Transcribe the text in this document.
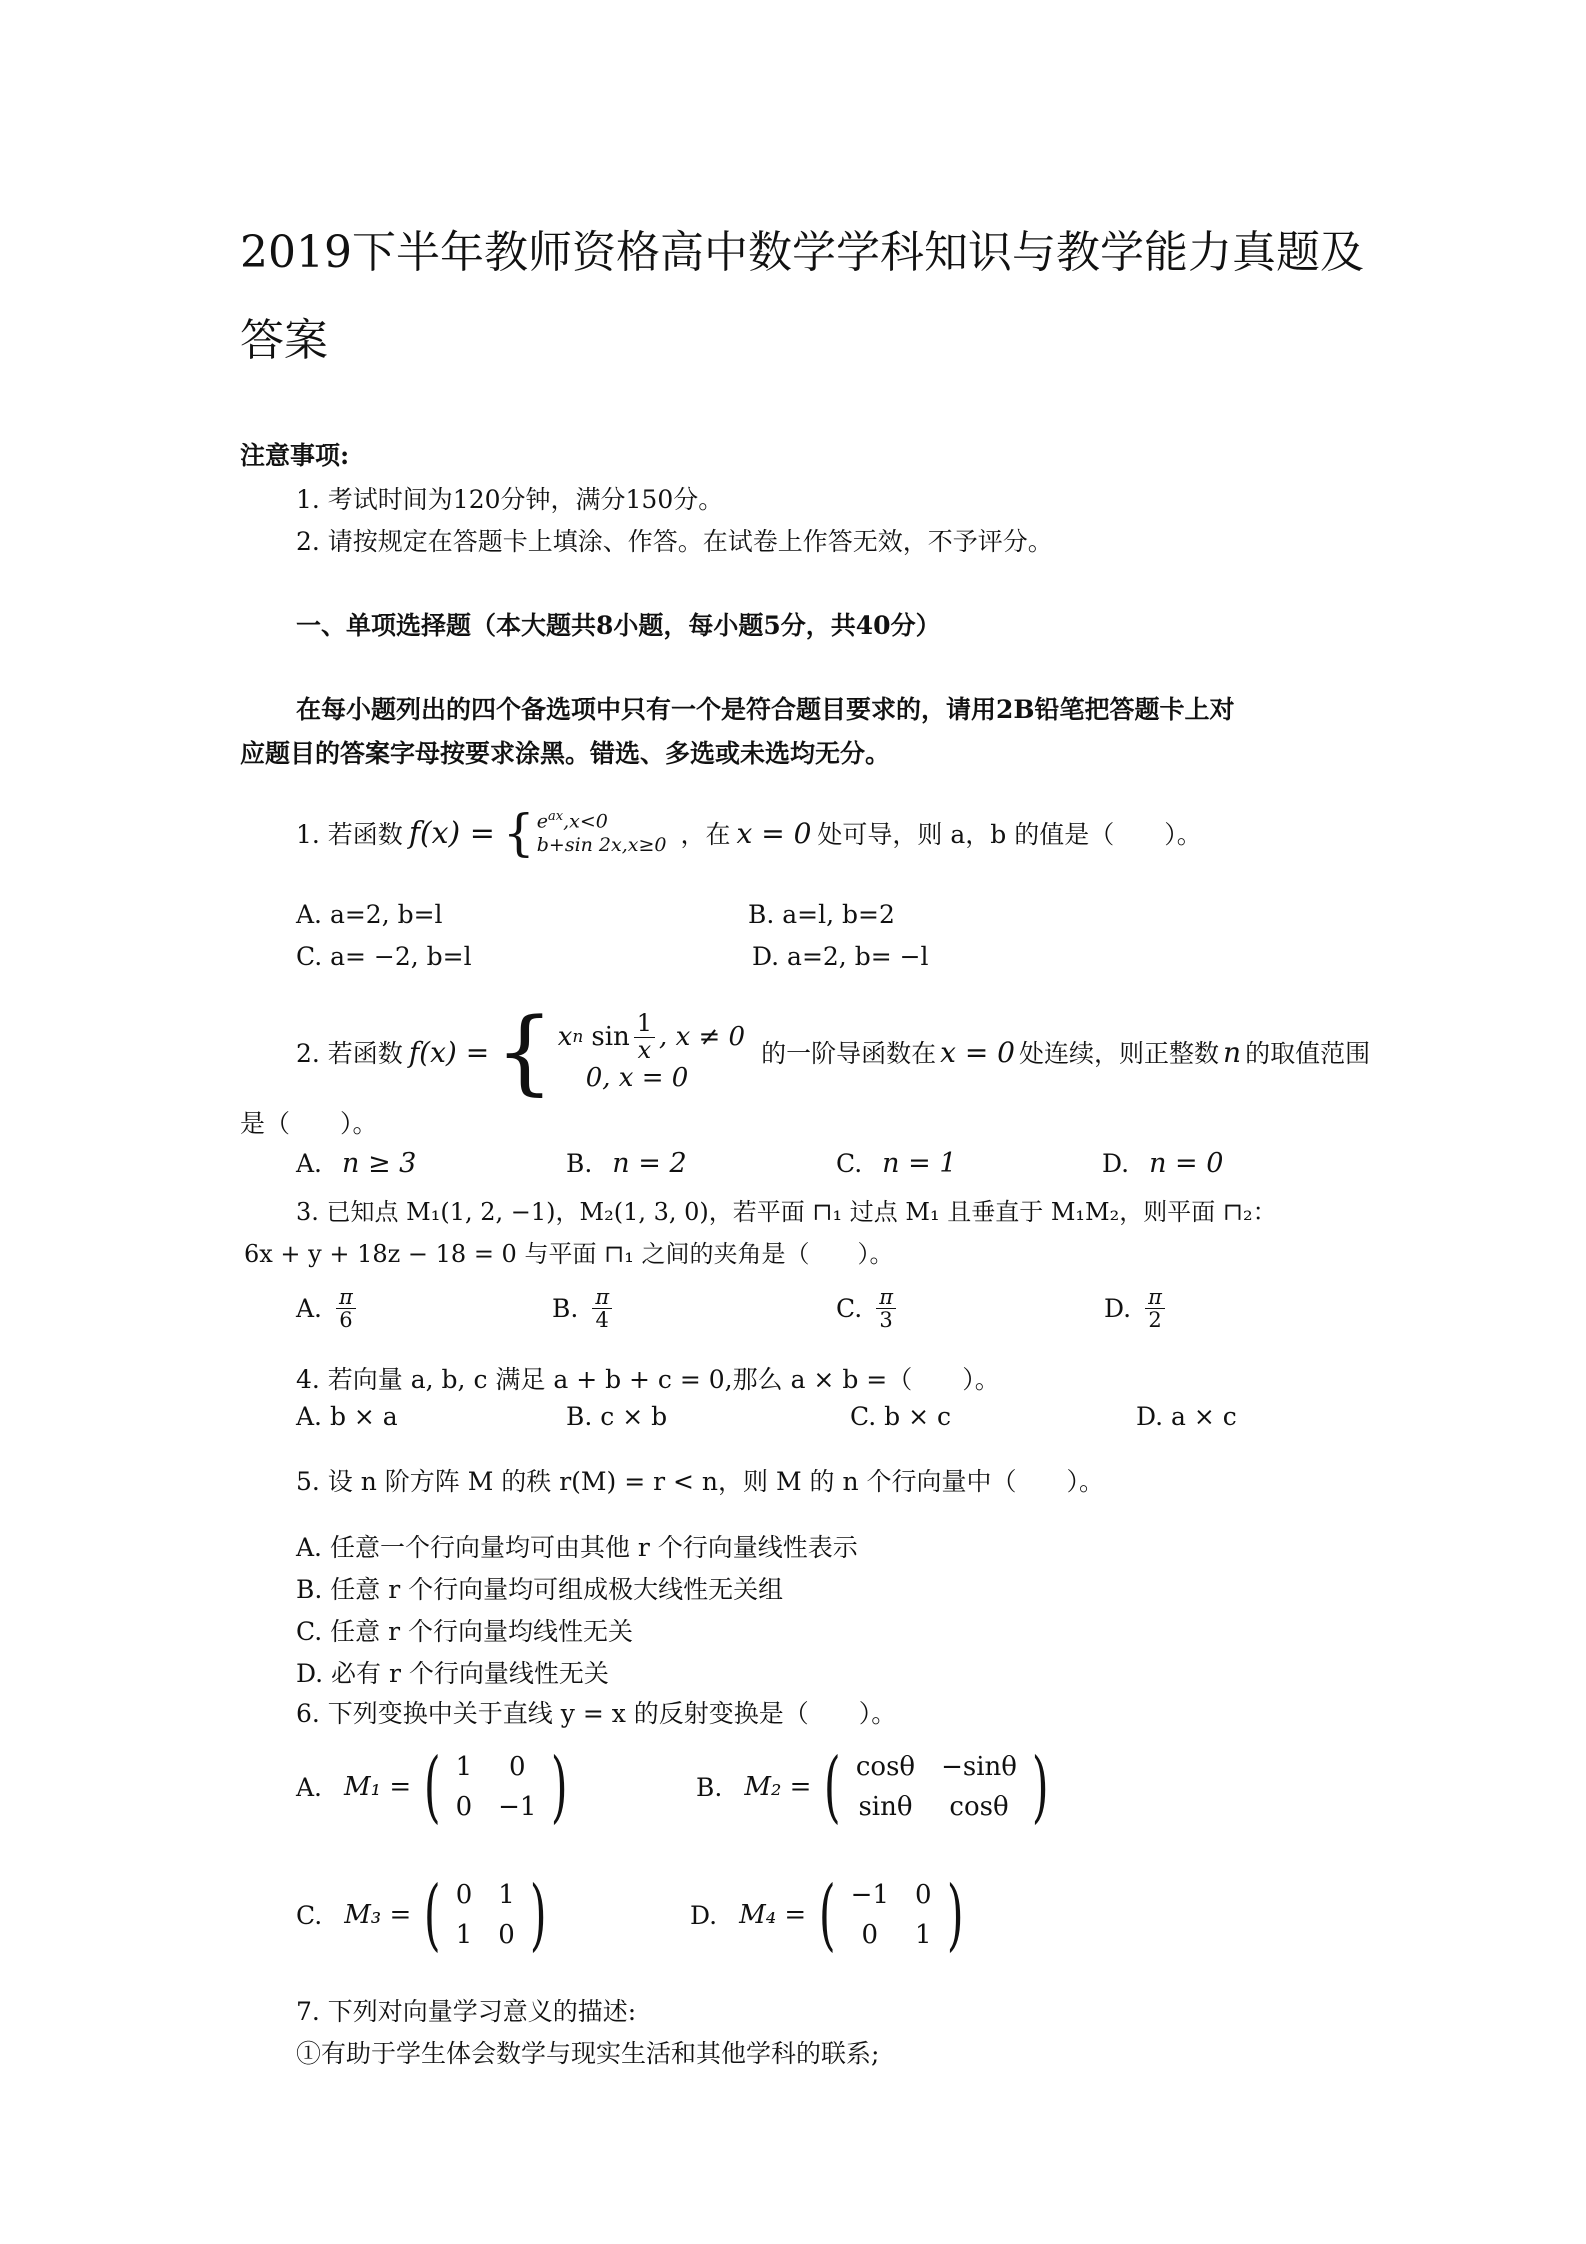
2019下半年教师资格高中数学学科知识与教学能力真题及
答案
注意事项:
1. 考试时间为120分钟，满分150分。
2. 请按规定在答题卡上填涂、作答。在试卷上作答无效，不予评分。
一、单项选择题（本大题共8小题，每小题5分，共40分）
在每小题列出的四个备选项中只有一个是符合题目要求的，请用2B铅笔把答题卡上对
应题目的答案字母按要求涂黑。错选、多选或未选均无分。
1. 若函数 f(x) = { $e^{ax},x<0$
b+sin 2x,x≥0 ，在 x = 0 处可导，则 a，b 的值是（　　）。
A. a=2, b=l	B. a=l, b=2
C. a= −2, b=l	D. a=2, b= −l
2. 若函数 f(x) = { x n $\sin \frac{1}{x}$ , x ≠ 0
0, x = 0
的一阶导函数在 x = 0 处连续，则正整数 n 的取值范围
是（　　）。
A. n ≥ 3	B. n = 2	C. n = 1	D. n = 0
3. 已知点 M₁(1, 2, −1)，M₂(1, 3, 0)，若平面 ⊓₁ 过点 M₁ 且垂直于 M₁M₂，则平面 ⊓₂：
6x + y + 18z − 18 = 0 与平面 ⊓₁ 之间的夹角是（　　）。
A. $\frac{\pi}{6}$	B. $\frac{\pi}{4}$	C. $\frac{\pi}{3}$	D. $\frac{\pi}{2}$
4. 若向量 a, b, c 满足 a + b + c = 0,那么 a × b =（　　）。
A. b × a	B. c × b	C. b × c	D. a × c
5. 设 n 阶方阵 M 的秩 r(M) = r < n，则 M 的 n 个行向量中（　　）。
A. 任意一个行向量均可由其他 r 个行向量线性表示
B. 任意 r 个行向量均可组成极大线性无关组
C. 任意 r 个行向量均线性无关
D. 必有 r 个行向量线性无关
6. 下列变换中关于直线 y = x 的反射变换是（　　）。
A. M₁ = ( 1	0
0 −1 )	B. M₂ = ( cosθ −sinθ
sinθ	cosθ )
C. M₃ = ( 0 1
1 0 )	D. M₄ = ( −1 0
0	1 )
7. 下列对向量学习意义的描述:
①有助于学生体会数学与现实生活和其他学科的联系;
